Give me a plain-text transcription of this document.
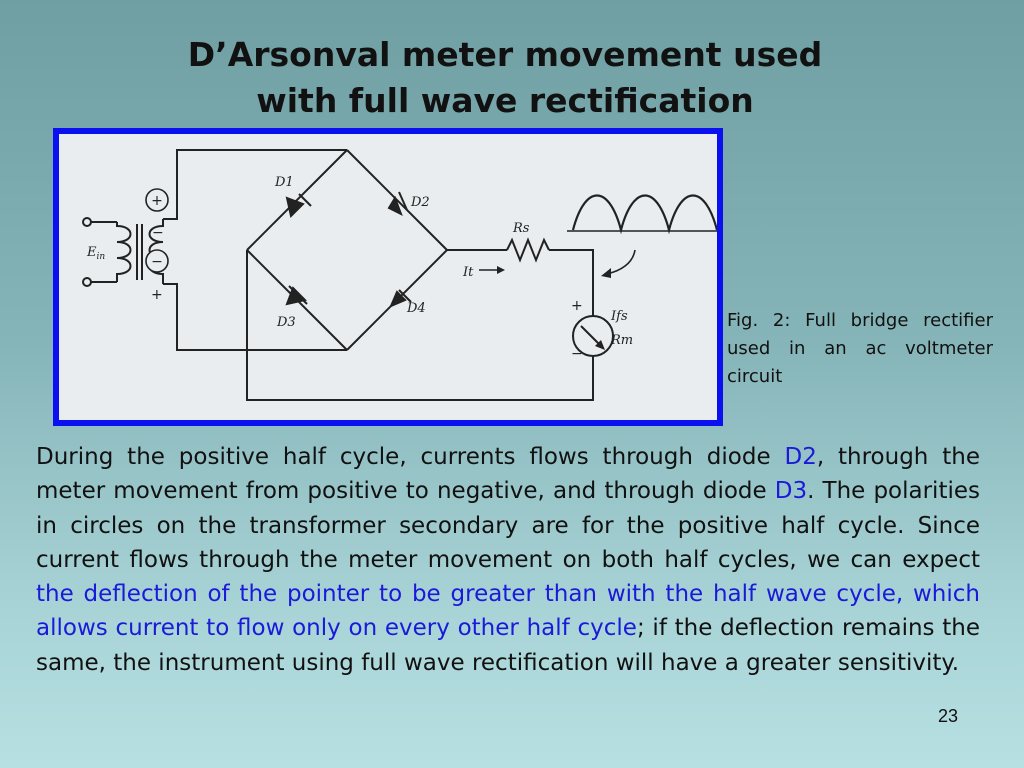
D’Arsonval meter movement used
with full wave rectification
+
−
−
+
$E_{in}$
D1
D2
D3
D4
Rs
It
Ifs
Rm
+
−
Fig. 2: Full bridge rectifier used in an ac voltmeter circuit
During the positive half cycle, currents flows through diode D2, through the meter movement from positive to negative, and through diode D3. The polarities in circles on the transformer secondary are for the positive half cycle. Since current flows through the meter movement on both half cycles, we can expect the deflection of the pointer to be greater than with the half wave cycle, which allows current to flow only on every other half cycle; if the deflection remains the same, the instrument using full wave rectification will have a greater sensitivity.
23
